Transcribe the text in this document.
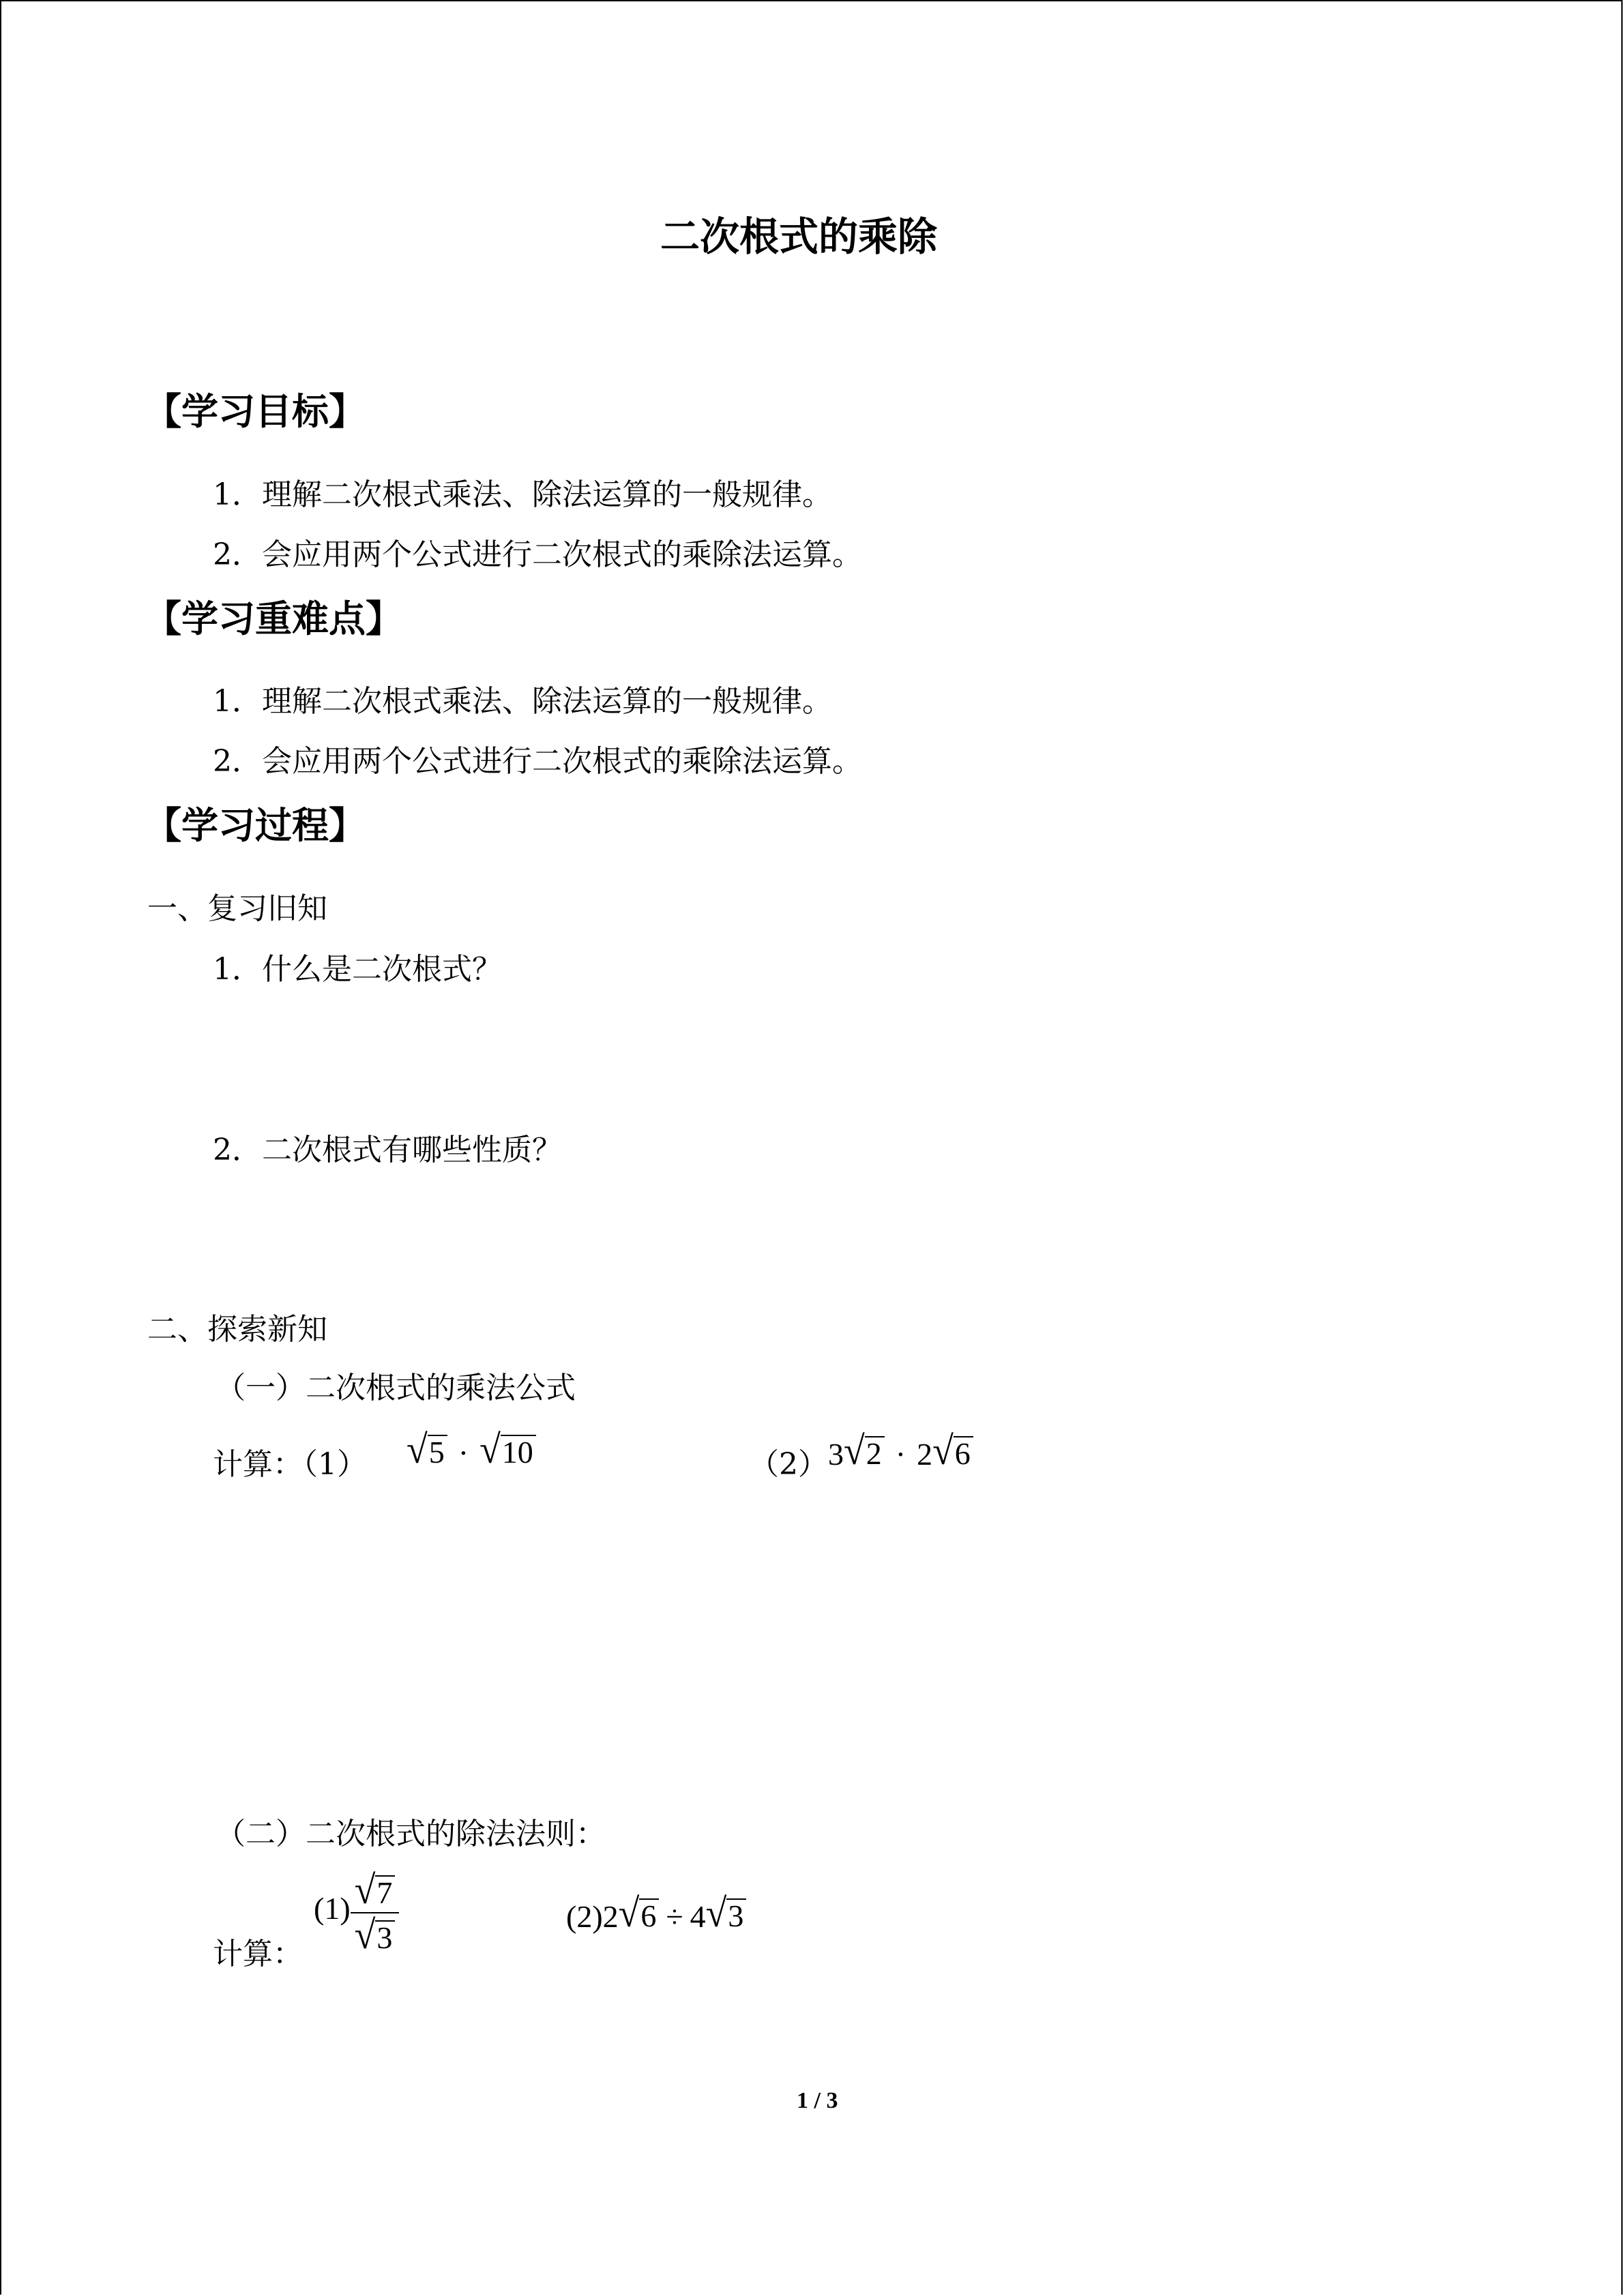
二次根式的乘除
【学习目标】
1．理解二次根式乘法、除法运算的一般规律。
2．会应用两个公式进行二次根式的乘除法运算。
【学习重难点】
1．理解二次根式乘法、除法运算的一般规律。
2．会应用两个公式进行二次根式的乘除法运算。
【学习过程】
一、复习旧知
1．什么是二次根式？
2．二次根式有哪些性质？
二、探索新知
（一）二次根式的乘法公式
计算：（1） √ 5 · √ 10	（2） 3 √ 2 · 2 √ 6
（二）二次根式的除法法则：
计算：
$(1) \frac{√ 7}{√ 3}$	(2) 2 √ 6 ÷ 4 √ 3
1 / 3
